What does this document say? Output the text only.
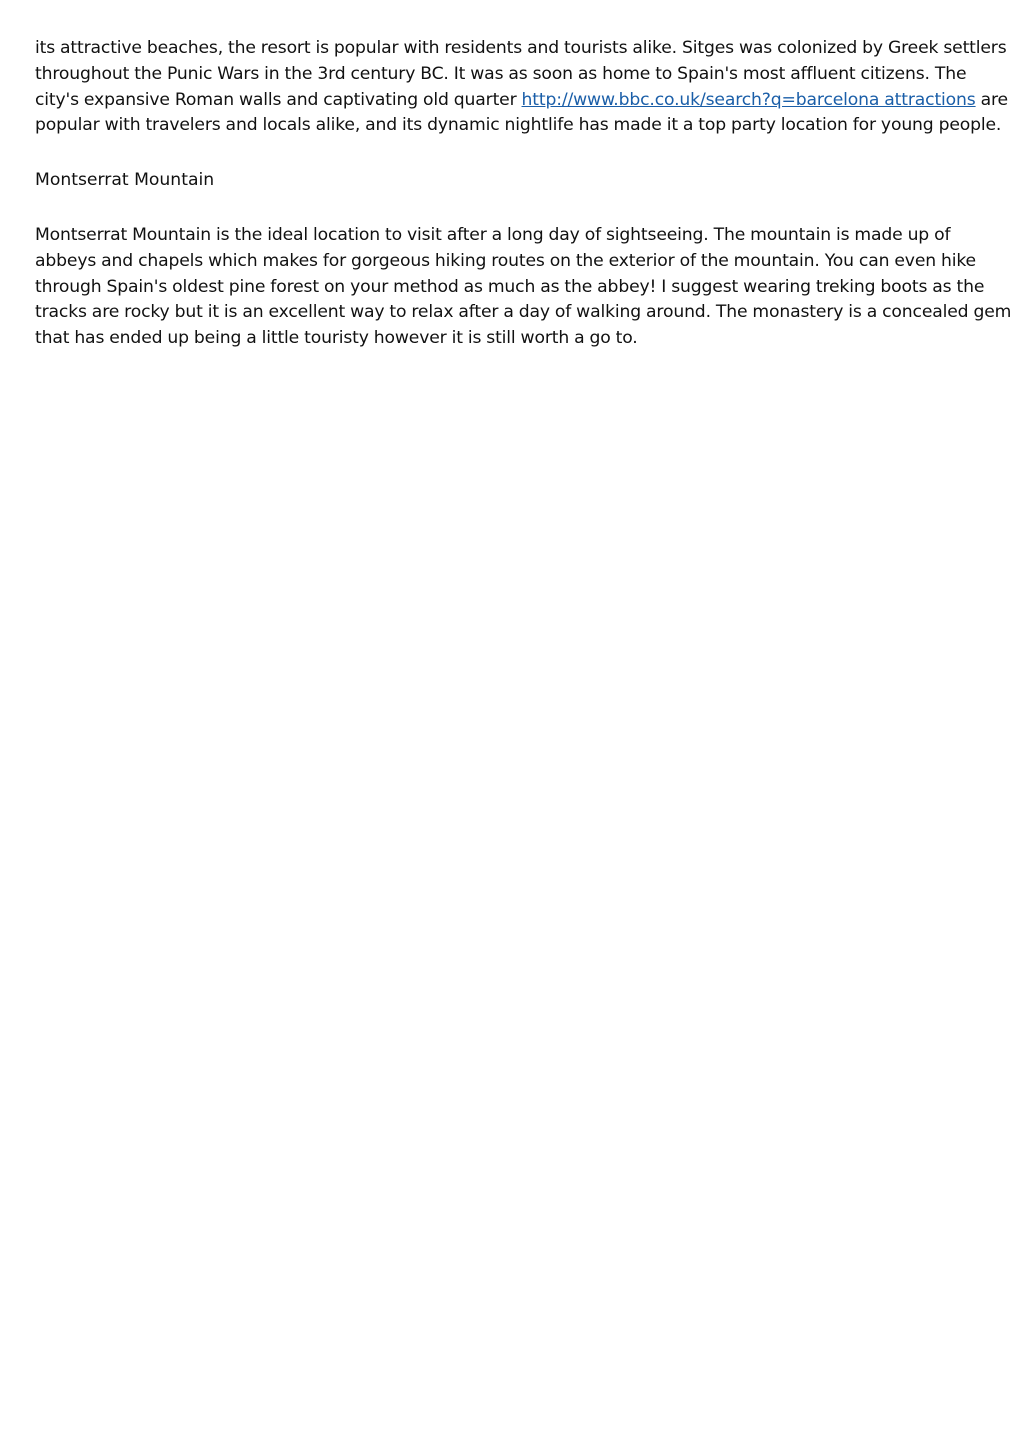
its attractive beaches, the resort is popular with residents and tourists alike. Sitges was colonized by Greek settlers
throughout the Punic Wars in the 3rd century BC. It was as soon as home to Spain's most affluent citizens. The
city's expansive Roman walls and captivating old quarter http://www.bbc.co.uk/search?q=barcelona attractions are
popular with travelers and locals alike, and its dynamic nightlife has made it a top party location for young people.

Montserrat Mountain

Montserrat Mountain is the ideal location to visit after a long day of sightseeing. The mountain is made up of
abbeys and chapels which makes for gorgeous hiking routes on the exterior of the mountain. You can even hike
through Spain's oldest pine forest on your method as much as the abbey! I suggest wearing treking boots as the
tracks are rocky but it is an excellent way to relax after a day of walking around. The monastery is a concealed gem
that has ended up being a little touristy however it is still worth a go to.
